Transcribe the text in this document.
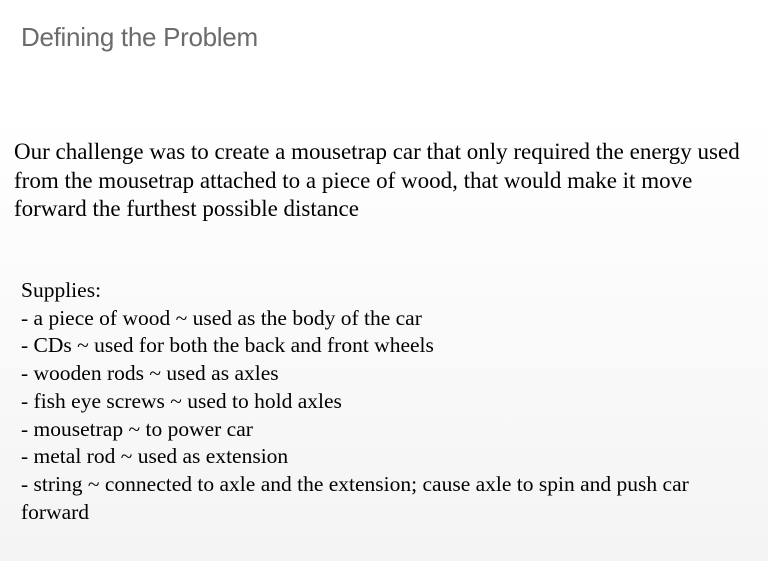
Defining the Problem
Our challenge was to create a mousetrap car that only required the energy used from the mousetrap attached to a piece of wood, that would make it move forward the furthest possible distance
Supplies:
- a piece of wood ~ used as the body of the car
- CDs ~ used for both the back and front wheels
- wooden rods ~ used as axles
- fish eye screws ~ used to hold axles
- mousetrap ~ to power car
- metal rod ~ used as extension
- string ~ connected to axle and the extension; cause axle to spin and push car forward
